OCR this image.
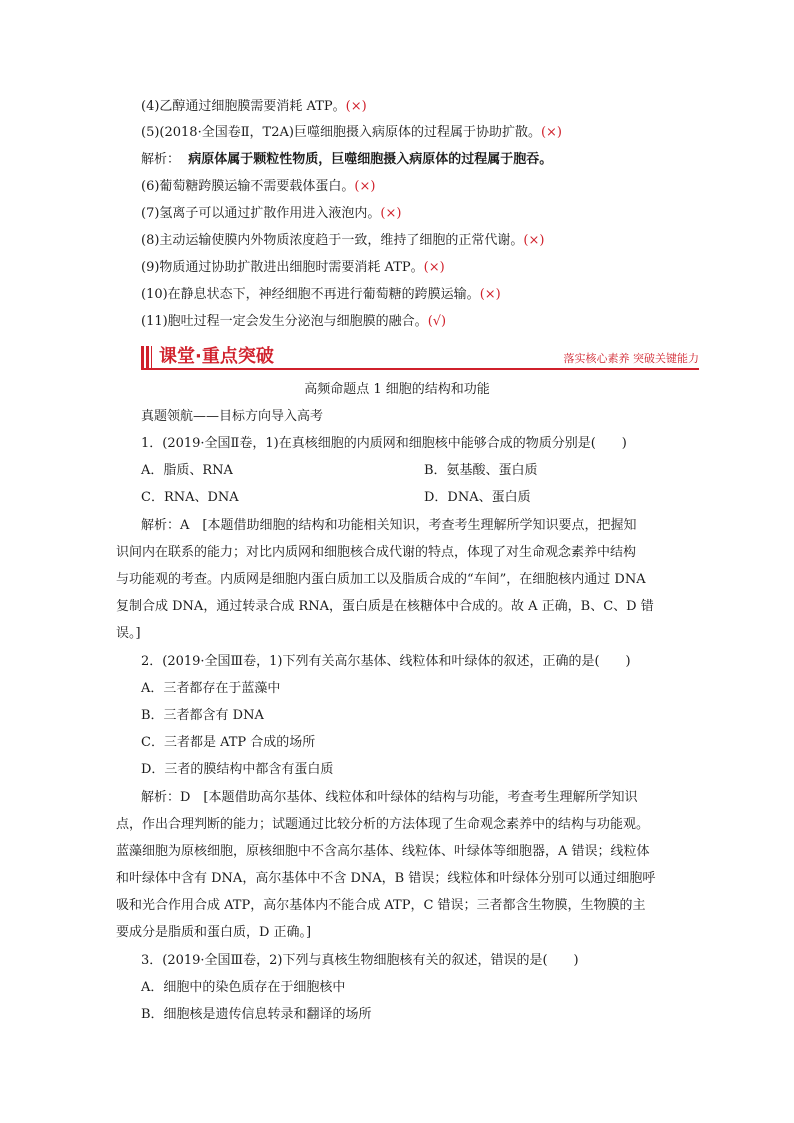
(4)乙醇通过细胞膜需要消耗 ATP。(×)
(5)(2018·全国卷Ⅱ，T2A)巨噬细胞摄入病原体的过程属于协助扩散。(×)
解析： 病原体属于颗粒性物质，巨噬细胞摄入病原体的过程属于胞吞。
(6)葡萄糖跨膜运输不需要载体蛋白。(×)
(7)氢离子可以通过扩散作用进入液泡内。(×)
(8)主动运输使膜内外物质浓度趋于一致，维持了细胞的正常代谢。(×)
(9)物质通过协助扩散进出细胞时需要消耗 ATP。(×)
(10)在静息状态下，神经细胞不再进行葡萄糖的跨膜运输。(×)
(11)胞吐过程一定会发生分泌泡与细胞膜的融合。(√)
课堂·重点突破	落实核心素养 突破关键能力
高频命题点 1 细胞的结构和功能
真题领航——目标方向导入高考
1．(2019·全国Ⅱ卷，1)在真核细胞的内质网和细胞核中能够合成的物质分别是(　　)
A．脂质、RNA	B．氨基酸、蛋白质
C．RNA、DNA	D．DNA、蛋白质
解析：A　[本题借助细胞的结构和功能相关知识，考查考生理解所学知识要点，把握知
识间内在联系的能力；对比内质网和细胞核合成代谢的特点，体现了对生命观念素养中结构
与功能观的考查。内质网是细胞内蛋白质加工以及脂质合成的“车间”，在细胞核内通过 DNA
复制合成 DNA，通过转录合成 RNA，蛋白质是在核糖体中合成的。故 A 正确，B、C、D 错
误。]
2．(2019·全国Ⅲ卷，1)下列有关高尔基体、线粒体和叶绿体的叙述，正确的是(　　)
A．三者都存在于蓝藻中
B．三者都含有 DNA
C．三者都是 ATP 合成的场所
D．三者的膜结构中都含有蛋白质
解析：D　[本题借助高尔基体、线粒体和叶绿体的结构与功能，考查考生理解所学知识
点，作出合理判断的能力；试题通过比较分析的方法体现了生命观念素养中的结构与功能观。
蓝藻细胞为原核细胞，原核细胞中不含高尔基体、线粒体、叶绿体等细胞器，A 错误；线粒体
和叶绿体中含有 DNA，高尔基体中不含 DNA，B 错误；线粒体和叶绿体分别可以通过细胞呼
吸和光合作用合成 ATP，高尔基体内不能合成 ATP，C 错误；三者都含生物膜，生物膜的主
要成分是脂质和蛋白质，D 正确。]
3．(2019·全国Ⅲ卷，2)下列与真核生物细胞核有关的叙述，错误的是(　　)
A．细胞中的染色质存在于细胞核中
B．细胞核是遗传信息转录和翻译的场所
